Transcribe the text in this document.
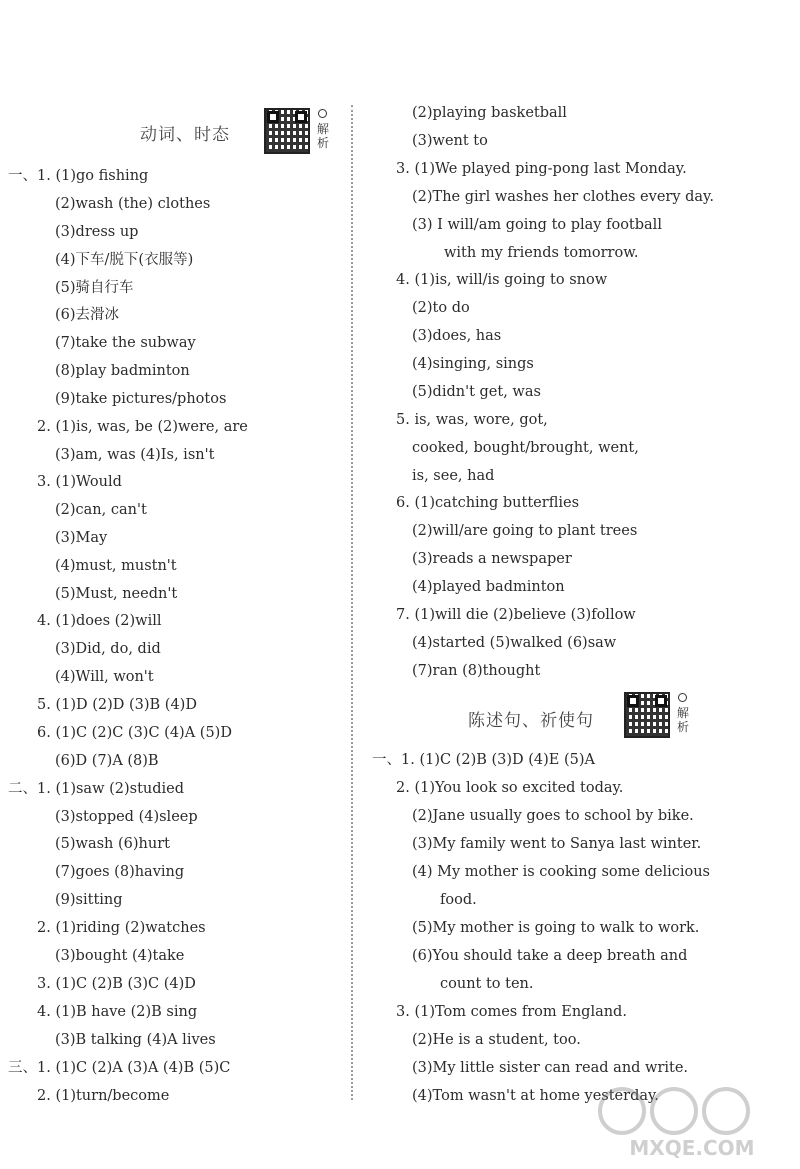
动词、时态	解析
一、1. (1)go fishing
(2)wash (the) clothes
(3)dress up
(4)下车/脱下(衣服等)
(5)骑自行车
(6)去滑冰
(7)take the subway
(8)play badminton
(9)take pictures/photos
2. (1)is, was, be (2)were, are
(3)am, was (4)Is, isn't
3. (1)Would
(2)can, can't
(3)May
(4)must, mustn't
(5)Must, needn't
4. (1)does (2)will
(3)Did, do, did
(4)Will, won't
5. (1)D (2)D (3)B (4)D
6. (1)C (2)C (3)C (4)A (5)D
(6)D (7)A (8)B
二、1. (1)saw (2)studied
(3)stopped (4)sleep
(5)wash (6)hurt
(7)goes (8)having
(9)sitting
2. (1)riding (2)watches
(3)bought (4)take
3. (1)C (2)B (3)C (4)D
4. (1)B have (2)B sing
(3)B talking (4)A lives
三、1. (1)C (2)A (3)A (4)B (5)C
2. (1)turn/become
陈述句、祈使句	解析
(2)playing basketball
(3)went to
3. (1)We played ping-pong last Monday.
(2)The girl washes her clothes every day.
(3) I will/am going to play football
with my friends tomorrow.
4. (1)is, will/is going to snow
(2)to do
(3)does, has
(4)singing, sings
(5)didn't get, was
5. is, was, wore, got,
cooked, bought/brought, went,
is, see, had
6. (1)catching butterflies
(2)will/are going to plant trees
(3)reads a newspaper
(4)played badminton
7. (1)will die (2)believe (3)follow
(4)started (5)walked (6)saw
(7)ran (8)thought
一、1. (1)C (2)B (3)D (4)E (5)A
2. (1)You look so excited today.
(2)Jane usually goes to school by bike.
(3)My family went to Sanya last winter.
(4) My mother is cooking some delicious
food.
(5)My mother is going to walk to work.
(6)You should take a deep breath and
count to ten.
3. (1)Tom comes from England.
(2)He is a student, too.
(3)My little sister can read and write.
(4)Tom wasn't at home yesterday.
MXQE.COM
